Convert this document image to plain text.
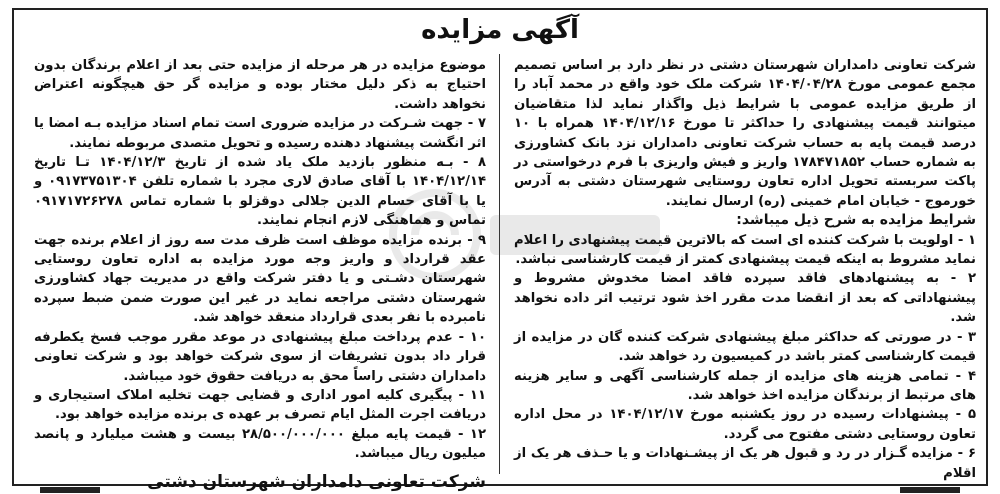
آگهی مزایده

شرکت تعاونی دامداران شهرستان دشتی در نظر دارد بر اساس تصمیم مجمع عمومی مورخ ۱۴۰۴/۰۴/۲۸ شرکت ملک خود واقع در محمد آباد را از طریق مزایده عمومی با شرایط ذیل واگذار نماید لذا متقاضیان میتوانند قیمت پیشنهادی را حداکثر تا مورخ ۱۴۰۴/۱۲/۱۶ همراه با ۱۰ درصد قیمت پایه به حساب شرکت تعاونی دامداران نزد بانک کشاورزی به شماره حساب ۱۷۸۴۷۱۸۵۲ واریز و فیش واریزی با فرم درخواستی در پاکت سربسته تحویل اداره تعاون روستایی شهرستان دشتی به آدرس خورموج - خیابان امام خمینی (ره) ارسال نمایند.

شرایط مزایده به شرح ذیل میباشد:

۱ - اولویت با شرکت کننده ای است که بالاترین قیمت پیشنهادی را اعلام نماید مشروط به اینکه قیمت پیشنهادی کمتر از قیمت کارشناسی نباشد.

۲ - به پیشنهادهای فاقد سپرده فاقد امضا مخدوش مشروط و پیشنهاداتی که بعد از انقضا مدت مقرر اخذ شود ترتیب اثر داده نخواهد شد.

۳ - در صورتی که حداکثر مبلغ پیشنهادی شرکت کننده گان در مزایده از قیمت کارشناسی کمتر باشد در کمیسیون رد خواهد شد.

۴ - تمامی هزینه های مزایده از جمله کارشناسی آگهی و سایر هزینه های مرتبط از برندگان مزایده اخذ خواهد شد.

۵ - پیشنهادات رسیده در روز یکشنبه مورخ ۱۴۰۴/۱۲/۱۷ در محل اداره تعاون روستایی دشتی مفتوح می گردد.

۶ - مزایده گـزار در رد و قبول هر یک از پیشـنهادات و یا حـذف هر یک از اقلام

موضوع مزایده در هر مرحله از مزایده حتی بعد از اعلام برندگان بدون احتیاج به ذکر دلیل مختار بوده و مزایده گر حق هیچگونه اعتراض نخواهد داشت.

۷ - جهت شـرکت در مزایده ضروری است تمام اسناد مزایده بـه امضا یا اثر انگشت پیشنهاد دهنده رسیده و تحویل متصدی مربوطه نمایند.

۸ - بـه منظور بازدید ملک یاد شده از تاریخ ۱۴۰۴/۱۲/۳ تـا تاریخ ۱۴۰۴/۱۲/۱۴ با آقای صادق لاری مجرد با شماره تلفن ۰۹۱۷۳۷۵۱۳۰۴ و یا با آقای حسام الدین جلالی دوقزلو با شماره تماس ۰۹۱۷۱۷۲۶۲۷۸ تماس و هماهنگی لازم انجام نمایند.

۹ - برنده مزایده موظف است ظرف مدت سه روز از اعلام برنده جهت عقد قرارداد و واریز وجه مورد مزایده به اداره تعاون روستایی شهرستان دشـتی و یا دفتر شرکت واقع در مدیریت جهاد کشاورزی شهرستان دشتی مراجعه نماید در غیر این صورت ضمن ضبط سپرده نامبرده با نفر بعدی قرارداد منعقد خواهد شد.

۱۰ - عدم پرداخت مبلغ پیشنهادی در موعد مقرر موجب فسخ یکطرفه قرار داد بدون تشریفات از سوی شرکت خواهد بود و شرکت تعاونی دامداران دشتی راساً محق به دریافت حقوق خود میباشد.

۱۱ - پیگیری کلیه امور اداری و قضایی جهت تخلیه املاک استیجاری و دریافت اجرت المثل ایام تصرف بر عهده ی برنده مزایده خواهد بود.

۱۲ - قیمت پایه مبلغ ۲۸/۵۰۰/۰۰۰/۰۰۰ بیست و هشت میلیارد و پانصد میلیون ریال میباشد.

شرکت تعاونی دامداران شهرستان دشتی
